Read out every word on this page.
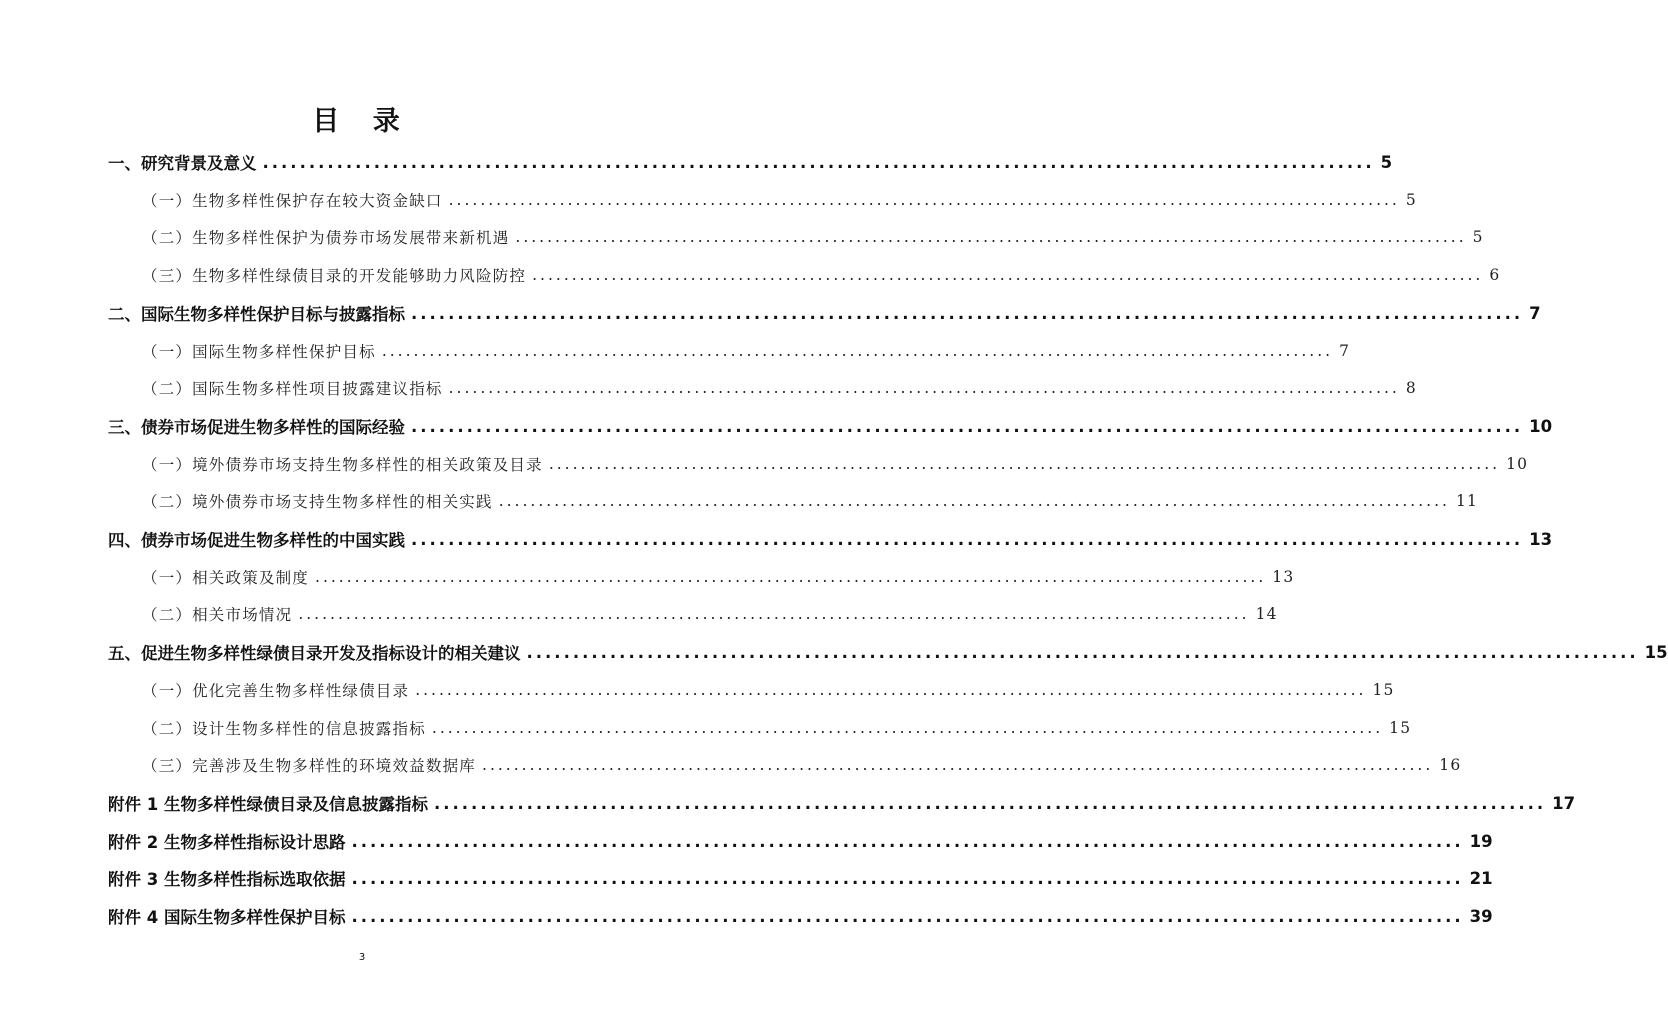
目 录
一、研究背景及意义 ........................................................................................................................ 5
（一）生物多样性保护存在较大资金缺口 ........................................................................................................................ 5
（二）生物多样性保护为债券市场发展带来新机遇 ........................................................................................................................ 5
（三）生物多样性绿债目录的开发能够助力风险防控 ........................................................................................................................ 6
二、国际生物多样性保护目标与披露指标 ........................................................................................................................ 7
（一）国际生物多样性保护目标 ........................................................................................................................ 7
（二）国际生物多样性项目披露建议指标 ........................................................................................................................ 8
三、债券市场促进生物多样性的国际经验 ........................................................................................................................ 10
（一）境外债券市场支持生物多样性的相关政策及目录 ........................................................................................................................ 10
（二）境外债券市场支持生物多样性的相关实践 ........................................................................................................................ 11
四、债券市场促进生物多样性的中国实践 ........................................................................................................................ 13
（一）相关政策及制度 ........................................................................................................................ 13
（二）相关市场情况 ........................................................................................................................ 14
五、促进生物多样性绿债目录开发及指标设计的相关建议 ........................................................................................................................ 15
（一）优化完善生物多样性绿债目录 ........................................................................................................................ 15
（二）设计生物多样性的信息披露指标 ........................................................................................................................ 15
（三）完善涉及生物多样性的环境效益数据库 ........................................................................................................................ 16
附件 1 生物多样性绿债目录及信息披露指标 ........................................................................................................................ 17
附件 2 生物多样性指标设计思路 ........................................................................................................................ 19
附件 3 生物多样性指标选取依据 ........................................................................................................................ 21
附件 4 国际生物多样性保护目标 ........................................................................................................................ 39
3
